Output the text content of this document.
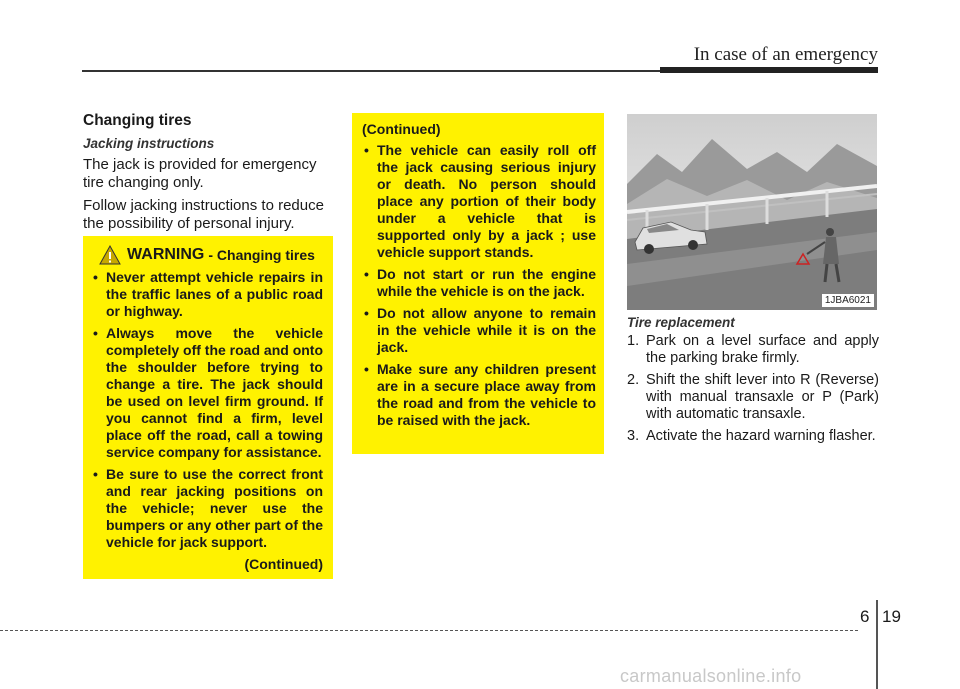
In case of an emergency
Changing tires
Jacking instructions

The jack is provided for emergency tire changing only.

Follow jacking instructions to reduce the possibility of personal injury.

WARNING - Changing tires
• Never attempt vehicle repairs in the traffic lanes of a public road or highway.
• Always move the vehicle completely off the road and onto the shoulder before trying to change a tire. The jack should be used on level firm ground. If you cannot find a firm, level place off the road, call a towing service company for assistance.
• Be sure to use the correct front and rear jacking positions on the vehicle; never use the bumpers or any other part of the vehicle for jack support.
(Continued)
(Continued)
• The vehicle can easily roll off the jack causing serious injury or death. No person should place any portion of their body under a vehicle that is supported only by a jack ; use vehicle support stands.
• Do not start or run the engine while the vehicle is on the jack.
• Do not allow anyone to remain in the vehicle while it is on the jack.
• Make sure any children present are in a secure place away from the road and from the vehicle to be raised with the jack.
1JBA6021
Tire replacement
1. Park on a level surface and apply the parking brake firmly.
2. Shift the shift lever into R (Reverse) with manual transaxle or P (Park) with automatic transaxle.
3. Activate the hazard warning flasher.
6 19
carmanualsonline.info
